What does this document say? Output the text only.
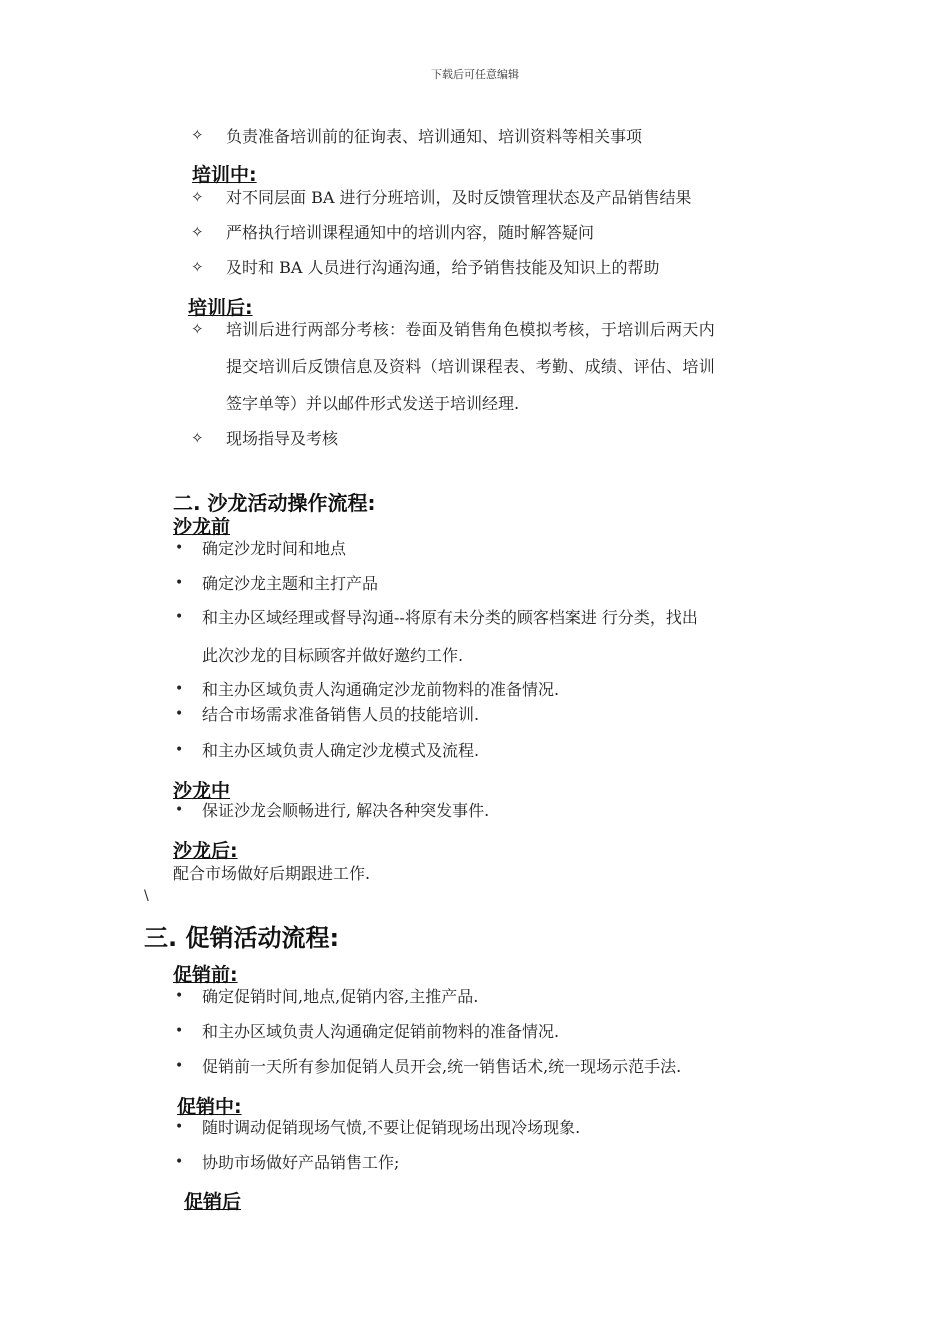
下载后可任意编辑
✧ 负责准备培训前的征询表、培训通知、培训资料等相关事项
培训中:
✧ 对不同层面 BA 进行分班培训，及时反馈管理状态及产品销售结果
✧ 严格执行培训课程通知中的培训内容，随时解答疑问
✧ 及时和 BA 人员进行沟通沟通，给予销售技能及知识上的帮助
培训后:
✧ 培训后进行两部分考核：卷面及销售角色模拟考核，于培训后两天内
提交培训后反馈信息及资料（培训课程表、考勤、成绩、评估、培训
签字单等）并以邮件形式发送于培训经理.
✧ 现场指导及考核
二. 沙龙活动操作流程:
沙龙前
• 确定沙龙时间和地点
• 确定沙龙主题和主打产品
• 和主办区域经理或督导沟通--将原有未分类的顾客档案进 行分类，找出
此次沙龙的目标顾客并做好邀约工作.
• 和主办区域负责人沟通确定沙龙前物料的准备情况.
• 结合市场需求准备销售人员的技能培训.
• 和主办区域负责人确定沙龙模式及流程.
沙龙中
• 保证沙龙会顺畅进行, 解决各种突发事件.
沙龙后:
配合市场做好后期跟进工作.
\
三. 促销活动流程:
促销前:
• 确定促销时间,地点,促销内容,主推产品.
• 和主办区域负责人沟通确定促销前物料的准备情况.
• 促销前一天所有参加促销人员开会,统一销售话术,统一现场示范手法.
促销中:
• 随时调动促销现场气愤,不要让促销现场出现冷场现象.
• 协助市场做好产品销售工作;
促销后
